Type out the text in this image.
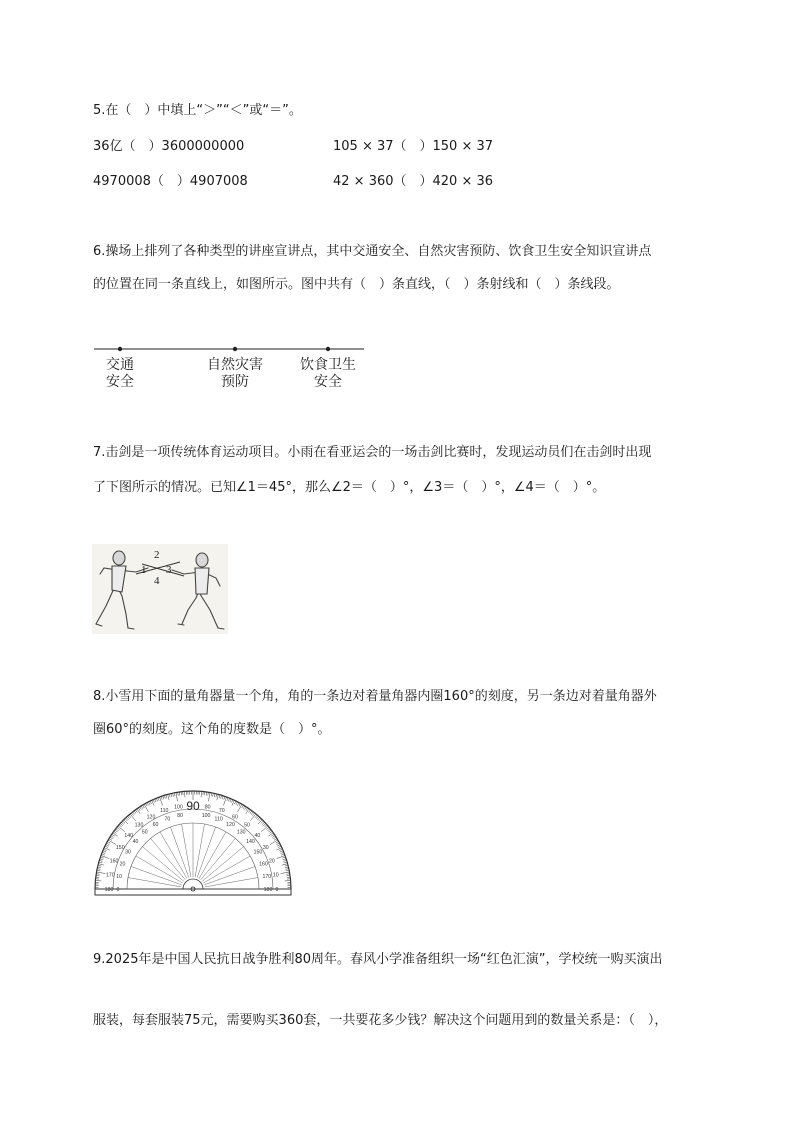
5.在（　）中填上“＞”“＜”或“＝”。
36亿（　）3600000000	105 × 37（　）150 × 37
4970008（　）4907008	42 × 360（　）420 × 36
6.操场上排列了各种类型的讲座宣讲点，其中交通安全、自然灾害预防、饮食卫生安全知识宣讲点
的位置在同一条直线上，如图所示。图中共有（　）条直线，（　）条射线和（　）条线段。
交通
安全
自然灾害
预防
饮食卫生
安全
7.击剑是一项传统体育运动项目。小雨在看亚运会的一场击剑比赛时，发现运动员们在击剑时出现
了下图所示的情况。已知∠1＝45°，那么∠2＝（　）°，∠3＝（　）°，∠4＝（　）°。
2
1 3
4
8.小雪用下面的量角器量一个角，角的一条边对着量角器内圈160°的刻度，另一条边对着量角器外
圈60°的刻度。这个角的度数是（　）°。
180 0
170 10
160
20
150
30
140
40
130
50
120
60
110
70
100
80
80
100
70
110 60
120 50
130
40
140
30
150
20
160
10
170
0
180
90
9.2025年是中国人民抗日战争胜利80周年。春风小学准备组织一场“红色汇演”，学校统一购买演出
服装，每套服装75元，需要购买360套，一共要花多少钱？解决这个问题用到的数量关系是：（　），
